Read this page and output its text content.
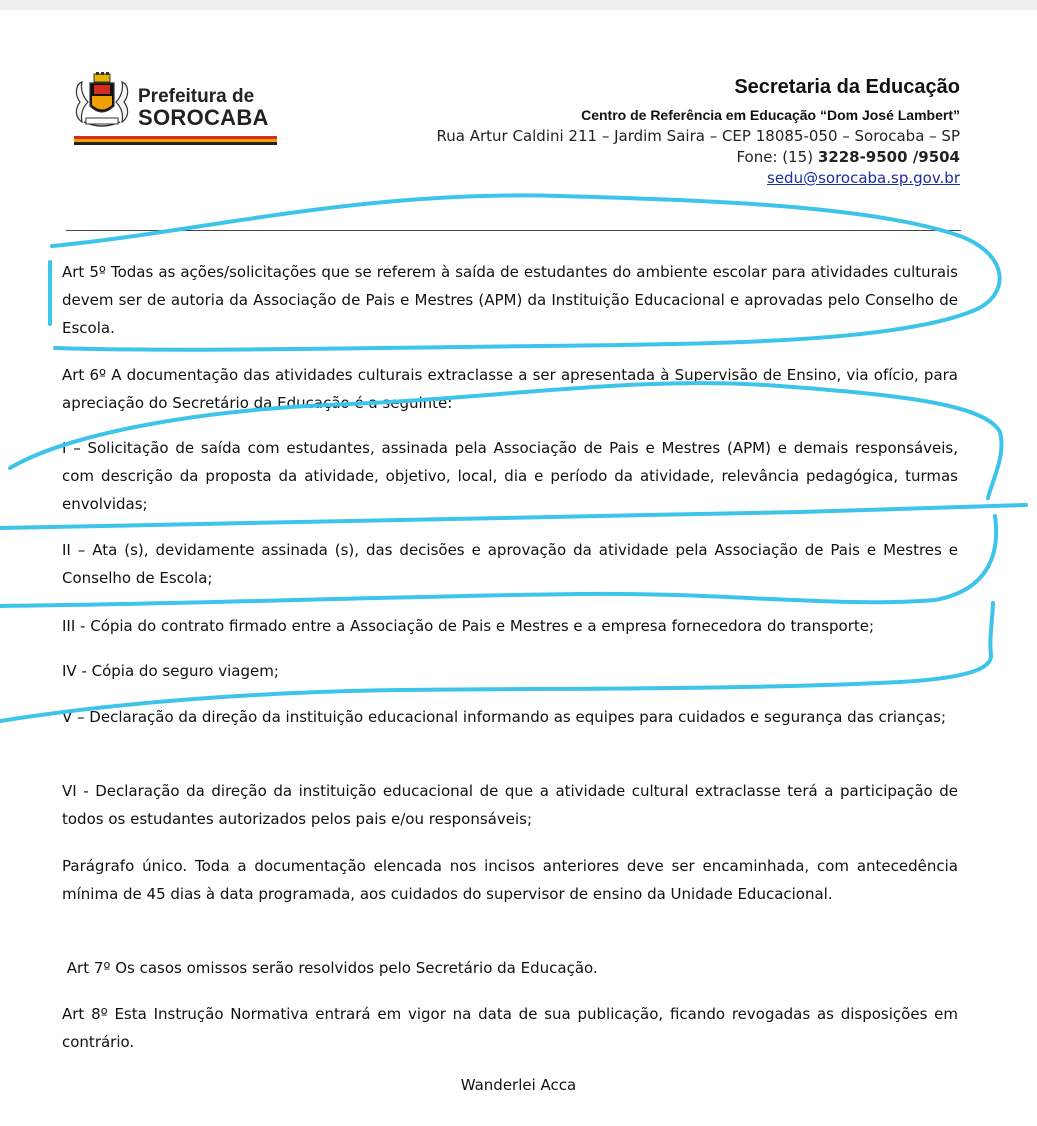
Prefeitura de
SOROCABA
Secretaria da Educação
Centro de Referência em Educação “Dom José Lambert”
Rua Artur Caldini 211 – Jardim Saira – CEP 18085-050 – Sorocaba – SP
Fone: (15) 3228-9500 /9504
sedu@sorocaba.sp.gov.br
Art 5º Todas as ações/solicitações que se referem à saída de estudantes do ambiente escolar para atividades culturais devem ser de autoria da Associação de Pais e Mestres (APM) da Instituição Educacional e aprovadas pelo Conselho de Escola.
Art 6º A documentação das atividades culturais extraclasse a ser apresentada à Supervisão de Ensino, via ofício, para apreciação do Secretário da Educação é a seguinte:
I – Solicitação de saída com estudantes, assinada pela Associação de Pais e Mestres (APM) e demais responsáveis, com descrição da proposta da atividade, objetivo, local, dia e período da atividade, relevância pedagógica, turmas envolvidas;
II – Ata (s), devidamente assinada (s), das decisões e aprovação da atividade pela Associação de Pais e Mestres e Conselho de Escola;
III - Cópia do contrato firmado entre a Associação de Pais e Mestres e a empresa fornecedora do transporte;
IV - Cópia do seguro viagem;
V – Declaração da direção da instituição educacional informando as equipes para cuidados e segurança das crianças;
VI - Declaração da direção da instituição educacional de que a atividade cultural extraclasse terá a participação de todos os estudantes autorizados pelos pais e/ou responsáveis;
Parágrafo único. Toda a documentação elencada nos incisos anteriores deve ser encaminhada, com antecedência mínima de 45 dias à data programada, aos cuidados do supervisor de ensino da Unidade Educacional.
Art 7º Os casos omissos serão resolvidos pelo Secretário da Educação.
Art 8º Esta Instrução Normativa entrará em vigor na data de sua publicação, ficando revogadas as disposições em contrário.
Wanderlei Acca
